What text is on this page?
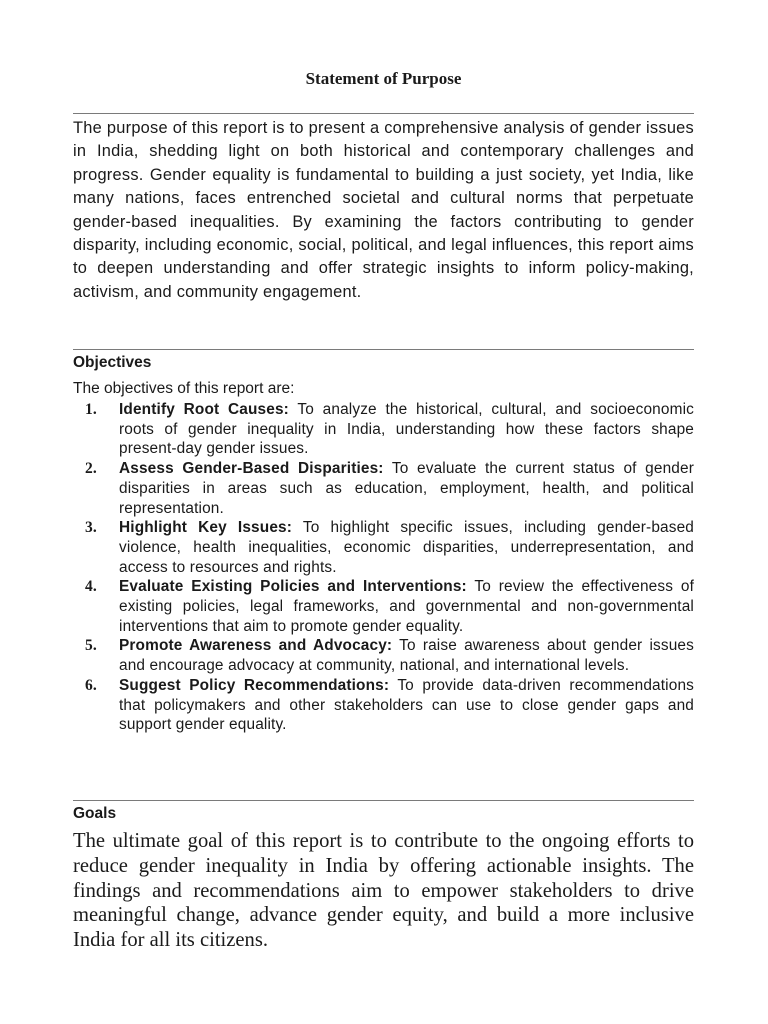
Statement of Purpose

The purpose of this report is to present a comprehensive analysis of gender issues in India, shedding light on both historical and contemporary challenges and progress. Gender equality is fundamental to building a just society, yet India, like many nations, faces entrenched societal and cultural norms that perpetuate gender-based inequalities. By examining the factors contributing to gender disparity, including economic, social, political, and legal influences, this report aims to deepen understanding and offer strategic insights to inform policy-making, activism, and community engagement.

Objectives
The objectives of this report are:
1. Identify Root Causes: To analyze the historical, cultural, and socioeconomic roots of gender inequality in India, understanding how these factors shape present-day gender issues.
2. Assess Gender-Based Disparities: To evaluate the current status of gender disparities in areas such as education, employment, health, and political representation.
3. Highlight Key Issues: To highlight specific issues, including gender-based violence, health inequalities, economic disparities, underrepresentation, and access to resources and rights.
4. Evaluate Existing Policies and Interventions: To review the effectiveness of existing policies, legal frameworks, and governmental and non-governmental interventions that aim to promote gender equality.
5. Promote Awareness and Advocacy: To raise awareness about gender issues and encourage advocacy at community, national, and international levels.
6. Suggest Policy Recommendations: To provide data-driven recommendations that policymakers and other stakeholders can use to close gender gaps and support gender equality.
Goals

The ultimate goal of this report is to contribute to the ongoing efforts to reduce gender inequality in India by offering actionable insights. The findings and recommendations aim to empower stakeholders to drive meaningful change, advance gender equity, and build a more inclusive India for all its citizens.
